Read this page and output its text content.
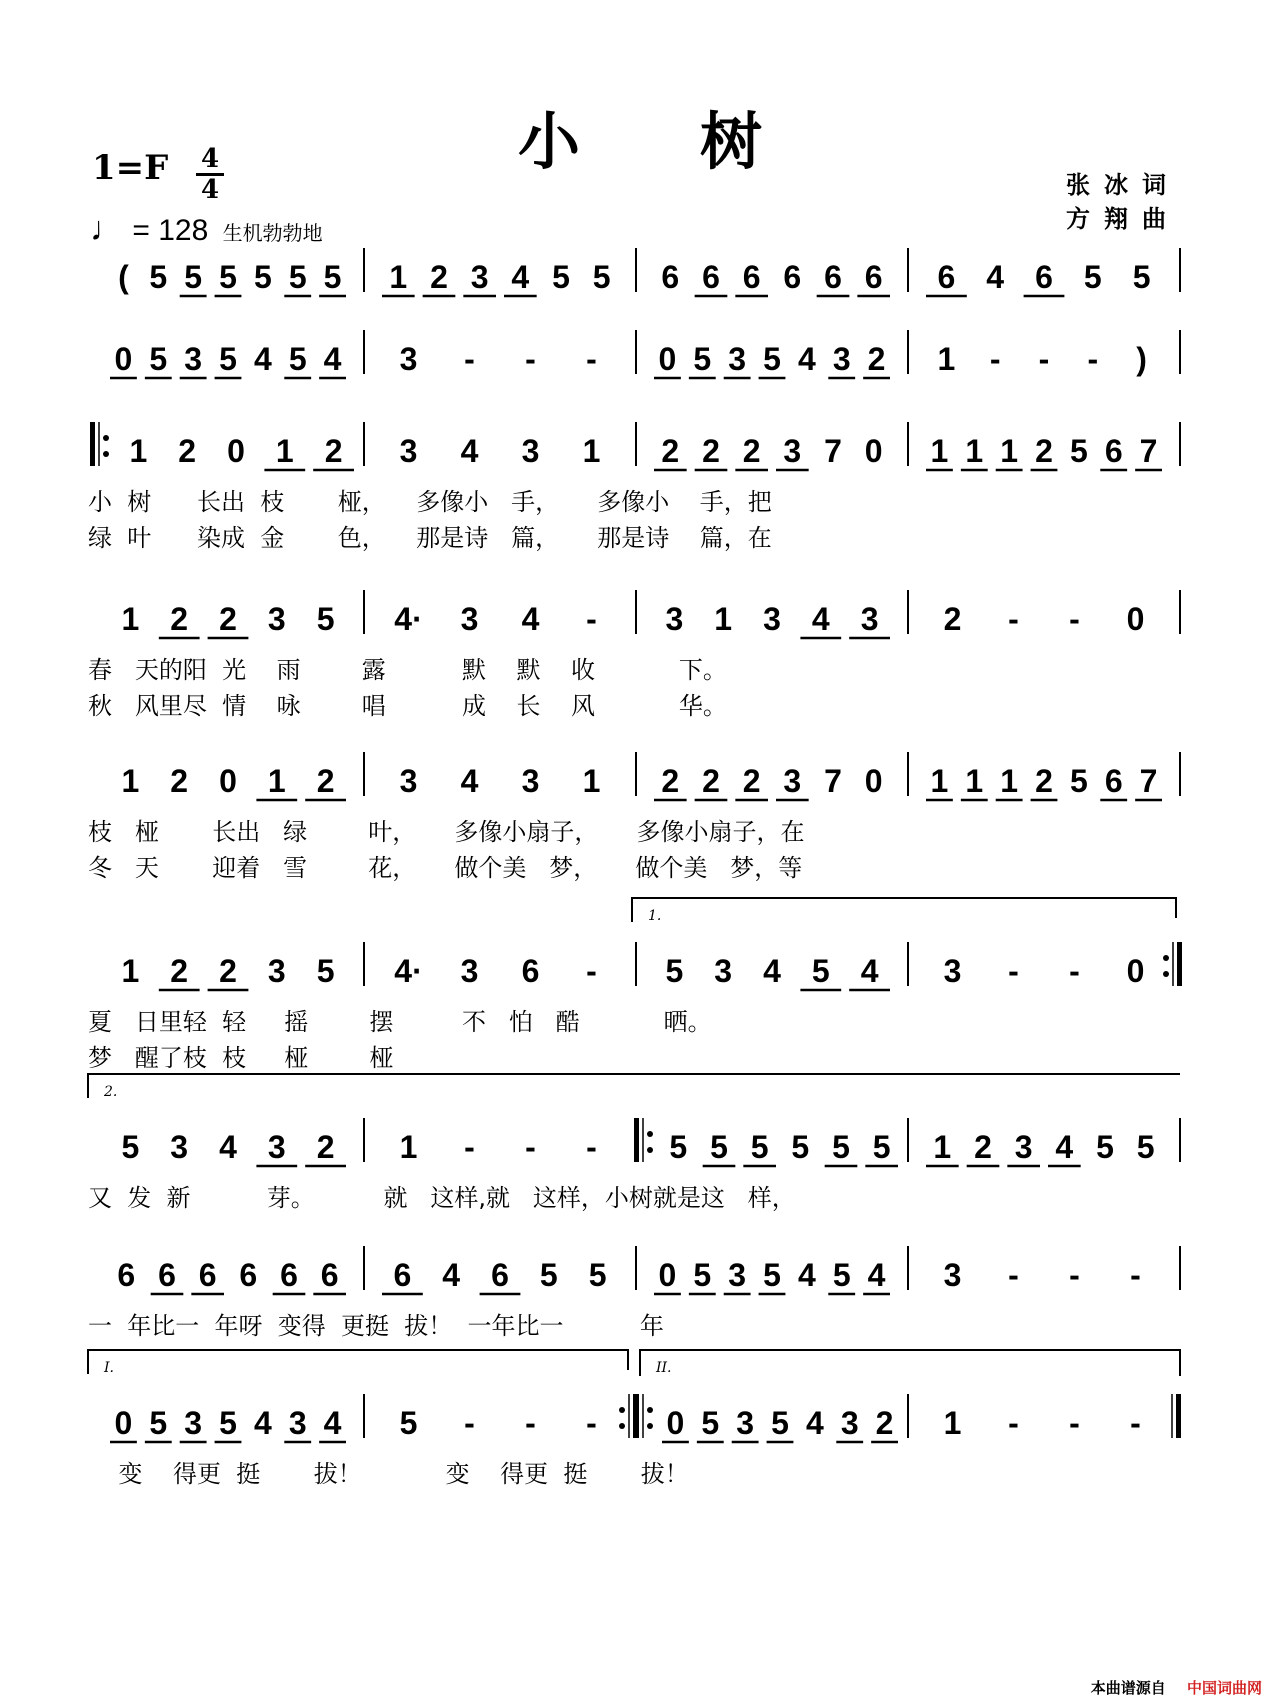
小树
1=F 4
4
♩ = 128 生机勃勃地
张冰词
方翔曲
( 5 5 5 5 5 5 1 2 3 4 5 5 6 6 6 6 6 6 6 4 6 5 5
0 5 3 5 4 5 4 3 - - - 0 5 3 5 4 3 2 1 - - - )
1 2 0 1 2 3 4 3 1 2 2 2 3 7 0 1 1 1 2 5 6 7
小  树      长出  枝       桠，    多像小   手，     多像小    手，把
绿  叶      染成  金       色，    那是诗   篇，     那是诗    篇，在
1 2 2 3 5 4· 3 4 - 3 1 3 4 3 2 - - 0
春   天的阳  光    雨        露          默    默    收           下。
秋   风里尽  情    咏        唱          成    长    风           华。
1 2 0 1 2 3 4 3 1 2 2 2 3 7 0 1 1 1 2 5 6 7
枝   桠       长出   绿        叶，     多像小扇子，     多像小扇子，在
冬   天       迎着   雪        花，     做个美   梦，     做个美   梦，等
1.
1 2 2 3 5 4· 3 6 - 5 3 4 5 4 3 - - 0
夏   日里轻  轻     摇        摆         不   怕   酷           晒。
梦   醒了枝  枝     桠        桠
2.
5 3 4 3 2 1 - - - 5 5 5 5 5 5 1 2 3 4 5 5
又  发  新          芽。         就   这样,就   这样，小树就是这   样，
6 6 6 6 6 6 6 4 6 5 5 0 5 3 5 4 5 4 3 - - -
一  年比一  年呀  变得  更挺  拔！  一年比一          年
I.	II.
0 5 3 5 4 3 4 5 - - - 0 5 3 5 4 3 2 1 - - -
变    得更  挺       拔！           变    得更  挺       拔！
本曲谱源自 中国词曲网
